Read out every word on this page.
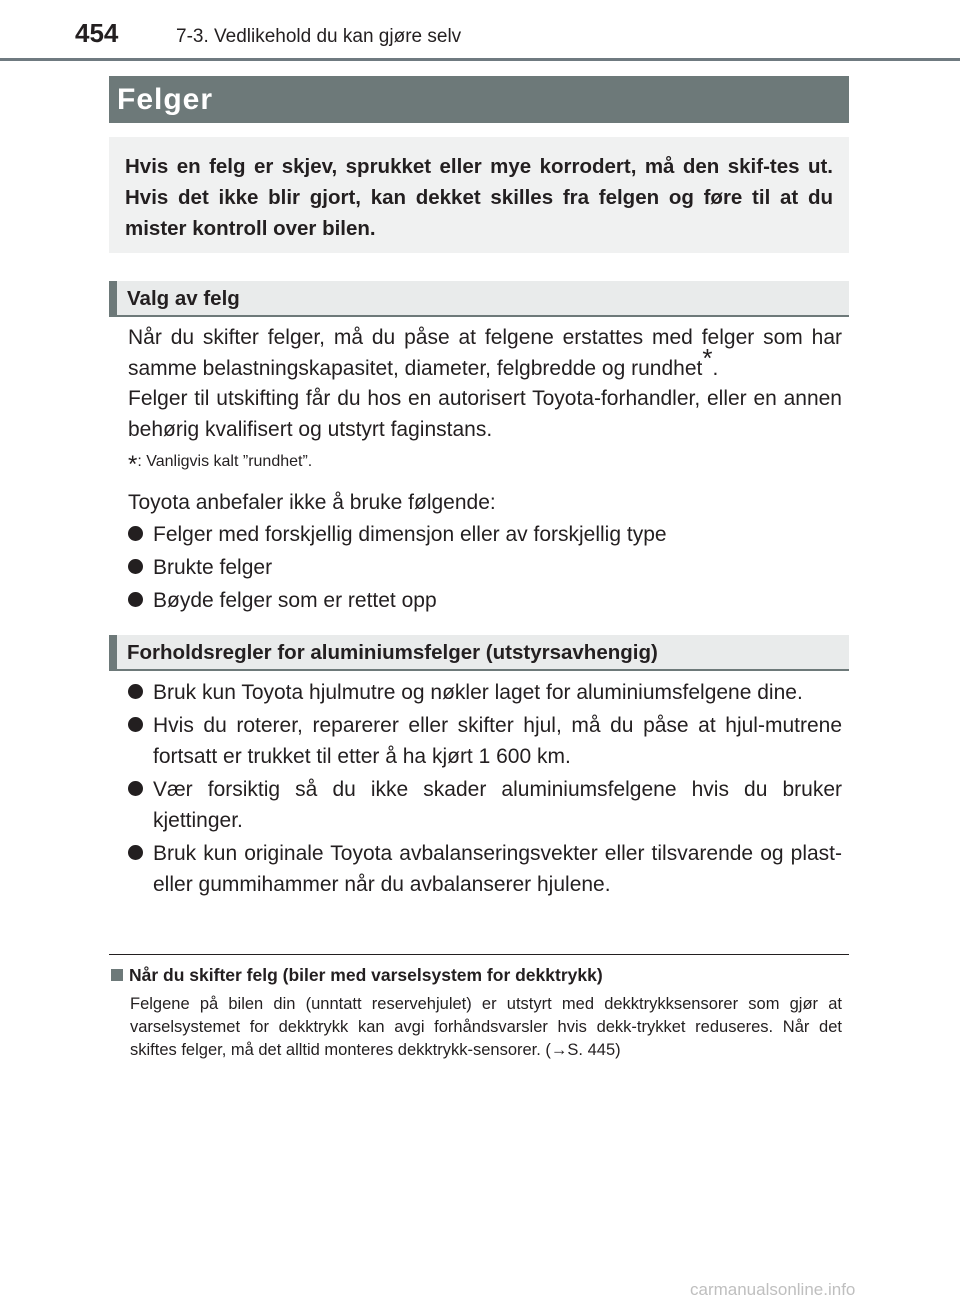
454	7-3. Vedlikehold du kan gjøre selv
Felger
Hvis en felg er skjev, sprukket eller mye korrodert, må den skif-tes ut. Hvis det ikke blir gjort, kan dekket skilles fra felgen og føre til at du mister kontroll over bilen.
Valg av felg
Når du skifter felger, må du påse at felgene erstattes med felger som har samme belastningskapasitet, diameter, felgbredde og rundhet*.
Felger til utskifting får du hos en autorisert Toyota-forhandler, eller en annen behørig kvalifisert og utstyrt faginstans.
*: Vanligvis kalt ”rundhet”.
Toyota anbefaler ikke å bruke følgende:
Felger med forskjellig dimensjon eller av forskjellig type
Brukte felger
Bøyde felger som er rettet opp
Forholdsregler for aluminiumsfelger (utstyrsavhengig)
Bruk kun Toyota hjulmutre og nøkler laget for aluminiumsfelgene dine.
Hvis du roterer, reparerer eller skifter hjul, må du påse at hjul-mutrene fortsatt er trukket til etter å ha kjørt 1 600 km.
Vær forsiktig så du ikke skader aluminiumsfelgene hvis du bruker kjettinger.
Bruk kun originale Toyota avbalanseringsvekter eller tilsvarende og plast- eller gummihammer når du avbalanserer hjulene.
Når du skifter felg (biler med varselsystem for dekktrykk)
Felgene på bilen din (unntatt reservehjulet) er utstyrt med dekktrykksensorer som gjør at varselsystemet for dekktrykk kan avgi forhåndsvarsler hvis dekk-trykket reduseres. Når det skiftes felger, må det alltid monteres dekktrykk-sensorer. (→S. 445)
carmanualsonline.info
